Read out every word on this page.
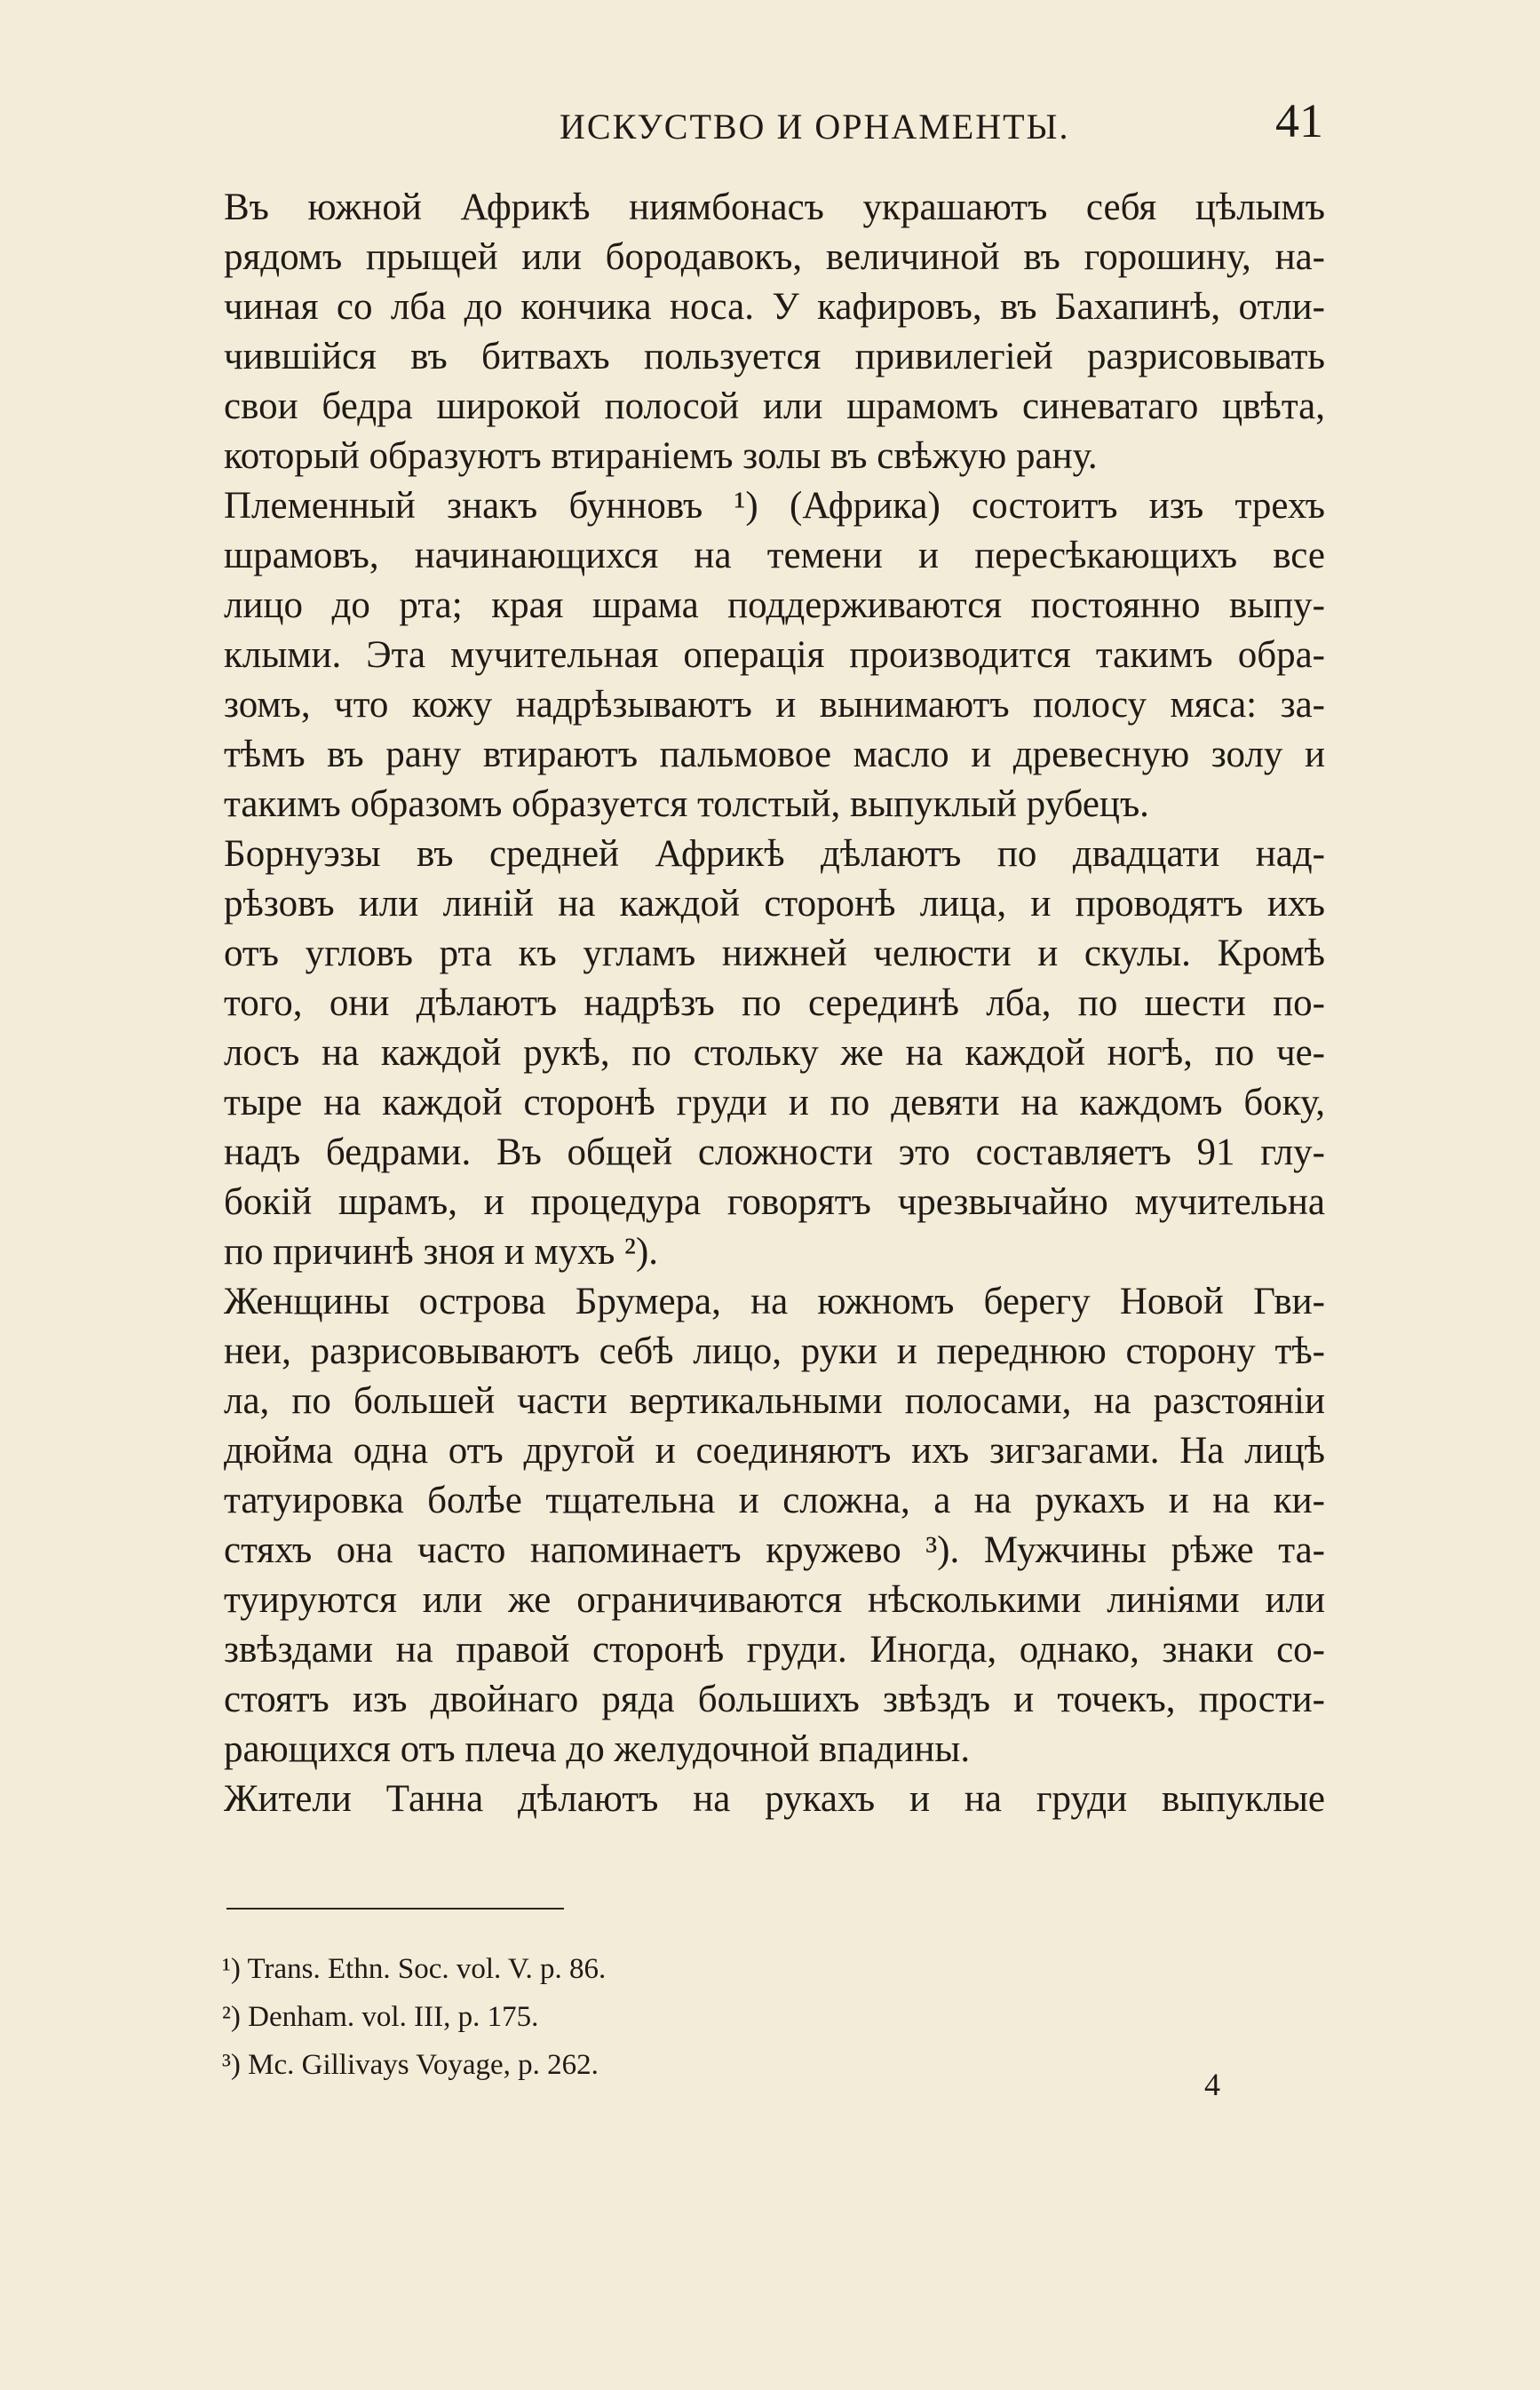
ИСКУСТВО И ОРНАМЕНТЫ.	41

Въ южной Африкѣ ниямбонасъ украшаютъ себя цѣлымъ
рядомъ прыщей или бородавокъ, величиной въ горошину, на-
чиная со лба до кончика носа. У кафировъ, въ Бахапинѣ, отли-
чившійся въ битвахъ пользуется привилегіей разрисовывать
свои бедра широкой полосой или шрамомъ синеватаго цвѣта,
который образуютъ втираніемъ золы въ свѣжую рану.

Племенный знакъ бунновъ ¹) (Африка) состоитъ изъ трехъ
шрамовъ, начинающихся на темени и пересѣкающихъ все
лицо до рта; края шрама поддерживаются постоянно выпу-
клыми. Эта мучительная операція производится такимъ обра-
зомъ, что кожу надрѣзываютъ и вынимаютъ полосу мяса: за-
тѣмъ въ рану втираютъ пальмовое масло и древесную золу и
такимъ образомъ образуется толстый, выпуклый рубецъ.

Борнуэзы въ средней Африкѣ дѣлаютъ по двадцати над-
рѣзовъ или линій на каждой сторонѣ лица, и проводятъ ихъ
отъ угловъ рта къ угламъ нижней челюсти и скулы. Кромѣ
того, они дѣлаютъ надрѣзъ по серединѣ лба, по шести по-
лосъ на каждой рукѣ, по стольку же на каждой ногѣ, по че-
тыре на каждой сторонѣ груди и по девяти на каждомъ боку,
надъ бедрами. Въ общей сложности это составляетъ 91 глу-
бокій шрамъ, и процедура говорятъ чрезвычайно мучительна
по причинѣ зноя и мухъ ²).

Женщины острова Брумера, на южномъ берегу Новой Гви-
неи, разрисовываютъ себѣ лицо, руки и переднюю сторону тѣ-
ла, по большей части вертикальными полосами, на разстояніи
дюйма одна отъ другой и соединяютъ ихъ зигзагами. На лицѣ
татуировка болѣе тщательна и сложна, а на рукахъ и на ки-
стяхъ она часто напоминаетъ кружево ³). Мужчины рѣже та-
туируются или же ограничиваются нѣсколькими линіями или
звѣздами на правой сторонѣ груди. Иногда, однако, знаки со-
стоятъ изъ двойнаго ряда большихъ звѣздъ и точекъ, прости-
рающихся отъ плеча до желудочной впадины.

Жители Танна дѣлаютъ на рукахъ и на груди выпуклые

¹) Trans. Ethn. Soc. vol. V. p. 86.
²) Denham. vol. III, p. 175.
³) Mc. Gillivays Voyage, p. 262.
4
